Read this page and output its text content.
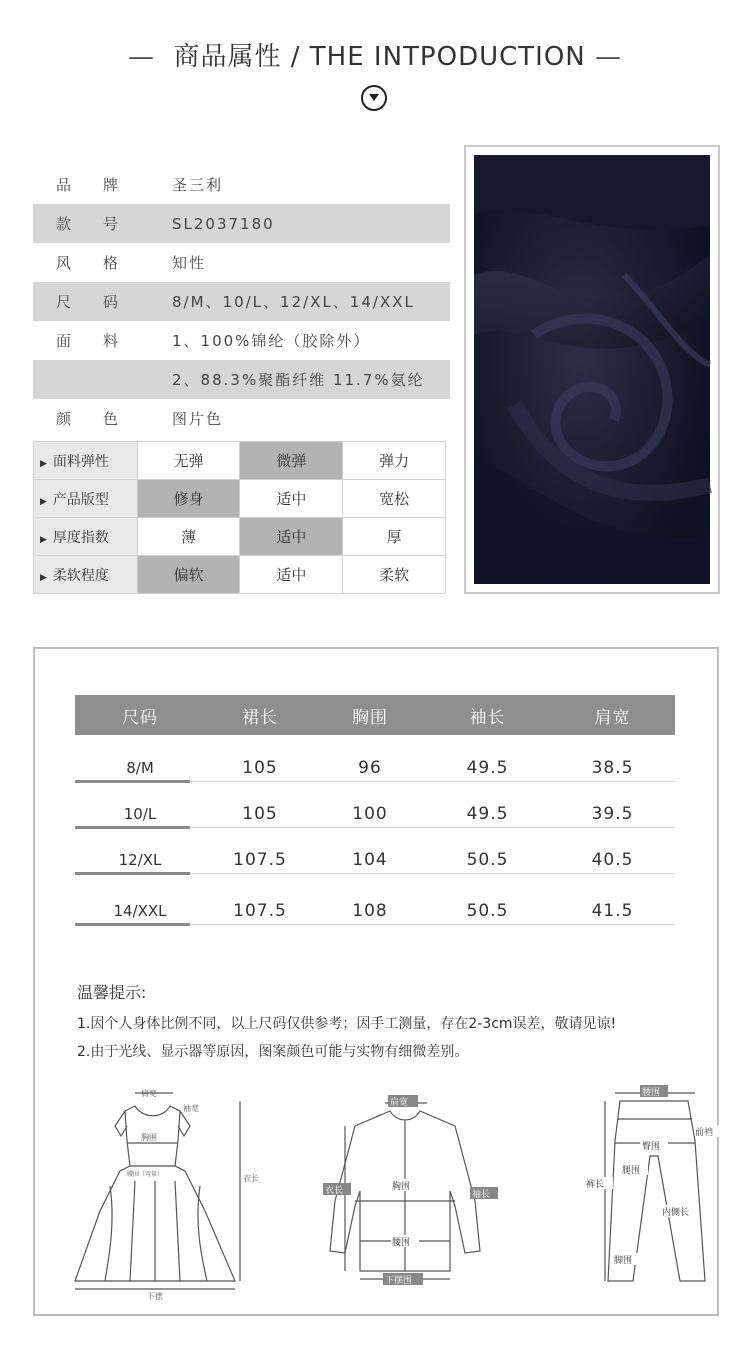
—  商品属性 / THE INTPODUCTION —
品	牌	圣三利
款	号	SL2037180
风	格	知性
尺	码	8/M、10/L、12/XL、14/XXL
面	料	1、100%锦纶（胶除外）
2、88.3%聚酯纤维 11.7%氨纶
颜	色	图片色
▶ 面料弹性	无弹	微弹	弹力
▶ 产品版型	修身	适中	宽松
▶ 厚度指数	薄	适中	厚
▶ 柔软程度	偏软	适中	柔软
尺码	裙长	胸围	袖长	肩宽
8/M	105	96	49.5	38.5
10/L	105	100	49.5	39.5
12/XL	107.5	104	50.5	40.5
14/XXL	107.5	108	50.5	41.5
温馨提示:
1.因个人身体比例不同，以上尺码仅供参考；因手工测量，存在2-3cm误差，敬请见谅!
2.由于光线、显示器等原因，图案颜色可能与实物有细微差别。
肩宽
胸围
袖宽
腰围（弯量）	衣长
下摆
肩宽
衣长	胸围
袖长
腰围
下摆围
腰围
前裆
臀围
腿围
裤长
内侧长
脚围
